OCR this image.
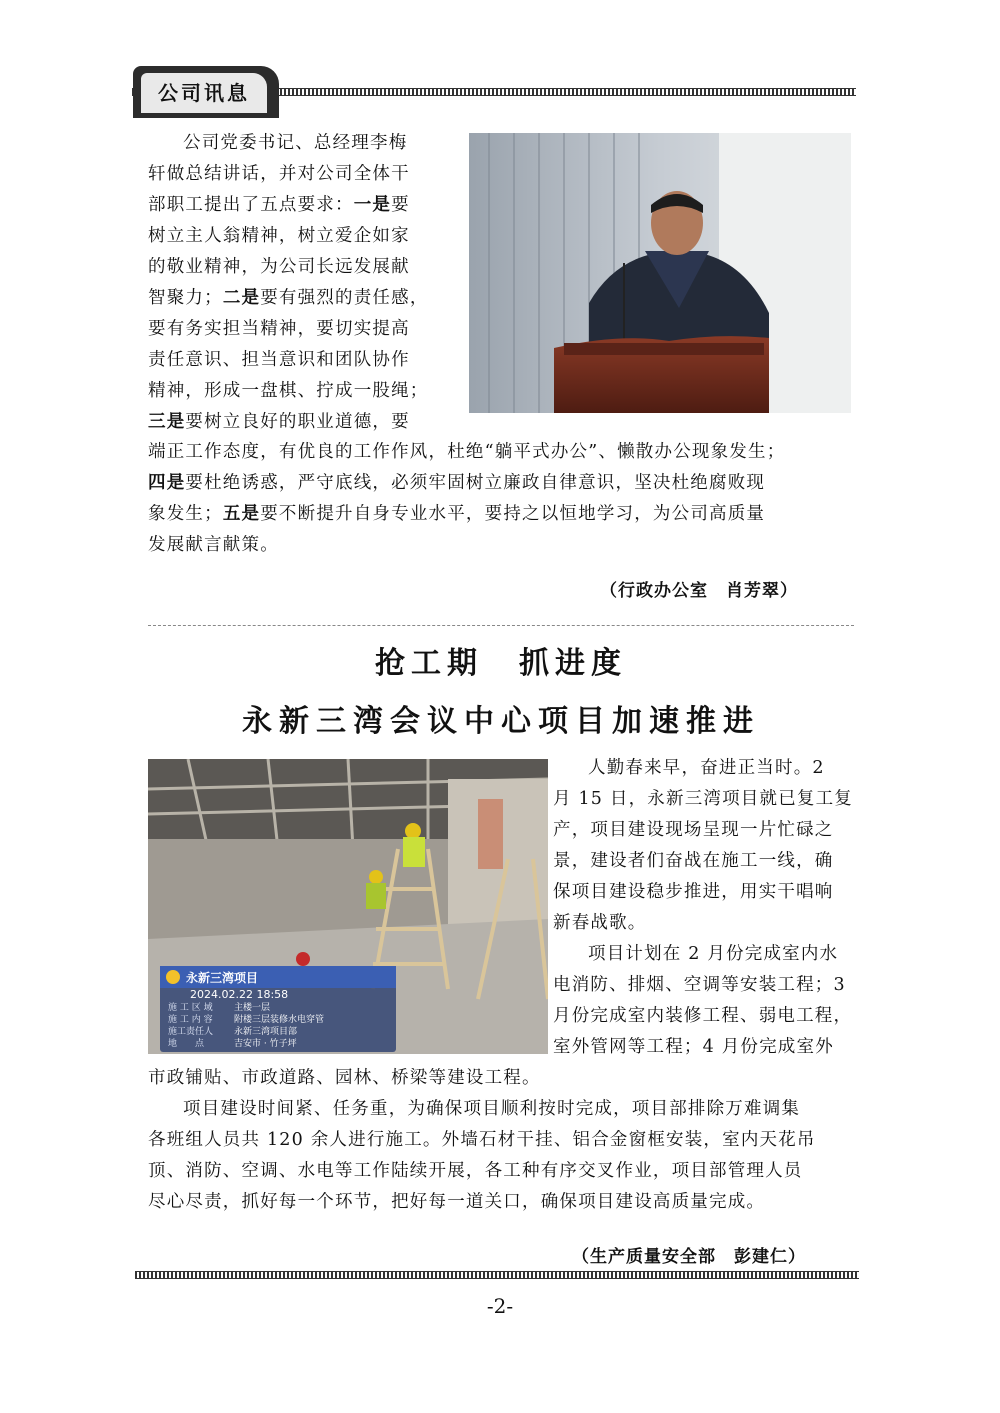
公司讯息
公司党委书记、总经理李梅
轩做总结讲话，并对公司全体干
部职工提出了五点要求：一是要
树立主人翁精神，树立爱企如家
的敬业精神，为公司长远发展献
智聚力；二是要有强烈的责任感，
要有务实担当精神，要切实提高
责任意识、担当意识和团队协作
精神，形成一盘棋、拧成一股绳；
三是要树立良好的职业道德，要
端正工作态度，有优良的工作作风，杜绝“躺平式办公”、懒散办公现象发生；
四是要杜绝诱惑，严守底线，必须牢固树立廉政自律意识，坚决杜绝腐败现
象发生；五是要不断提升自身专业水平，要持之以恒地学习，为公司高质量
发展献言献策。
（行政办公室　肖芳翠）
抢工期　抓进度
永新三湾会议中心项目加速推进
永新三湾项目
2024.02.22 18:58
施 工 区 域	主楼一层
施 工 内 容	附楼三层装修水电穿管
施工责任人	永新三湾项目部
地　　点	吉安市 · 竹子坪
人勤春来早，奋进正当时。2
月 15 日，永新三湾项目就已复工复
产，项目建设现场呈现一片忙碌之
景，建设者们奋战在施工一线，确
保项目建设稳步推进，用实干唱响
新春战歌。
项目计划在 2 月份完成室内水
电消防、排烟、空调等安装工程；3
月份完成室内装修工程、弱电工程，
室外管网等工程；4 月份完成室外
市政铺贴、市政道路、园林、桥梁等建设工程。
项目建设时间紧、任务重，为确保项目顺利按时完成，项目部排除万难调集
各班组人员共 120 余人进行施工。外墙石材干挂、铝合金窗框安装，室内天花吊
顶、消防、空调、水电等工作陆续开展，各工种有序交叉作业，项目部管理人员
尽心尽责，抓好每一个环节，把好每一道关口，确保项目建设高质量完成。
（生产质量安全部　彭建仁）
-2-
